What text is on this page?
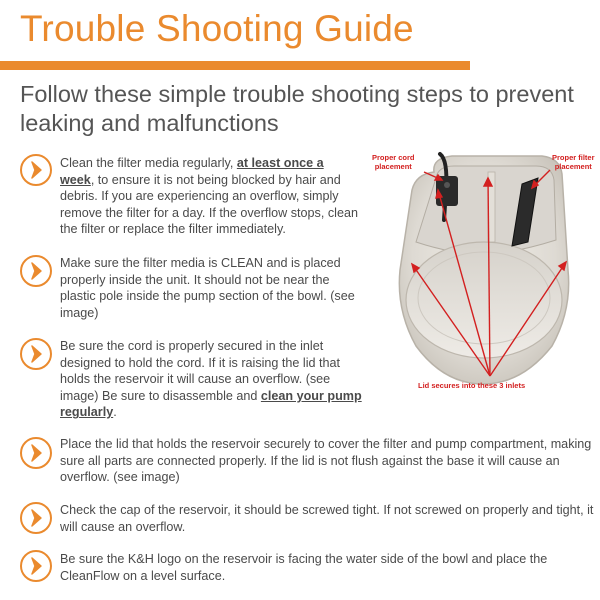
Trouble Shooting Guide
Follow these simple trouble shooting steps to prevent leaking and malfunctions
Clean the filter media regularly, at least once a week, to ensure it is not being blocked by hair and debris. If you are experiencing an overflow, simply remove the filter for a day. If the overflow stops, clean the filter or replace the filter immediately.
Make sure the filter media is CLEAN and is placed properly inside the unit. It should not be near the plastic pole inside the pump section of the bowl. (see image)
Be sure the cord is properly secured in the inlet designed to hold the cord. If it is raising the lid that holds the reservoir it will cause an overflow. (see image) Be sure to disassemble and clean your pump regularly.
Place the lid that holds the reservoir securely to cover the filter and pump compartment, making sure all parts are connected properly. If the lid is not flush against the base it will cause an overflow. (see image)
Check the cap of the reservoir, it should be screwed tight. If not screwed on properly and tight, it will cause an overflow.
Be sure the K&H logo on the reservoir is facing the water side of the bowl and place the CleanFlow on a level surface.
Proper cord
placement
Proper filter
placement
Lid secures into these 3 inlets
